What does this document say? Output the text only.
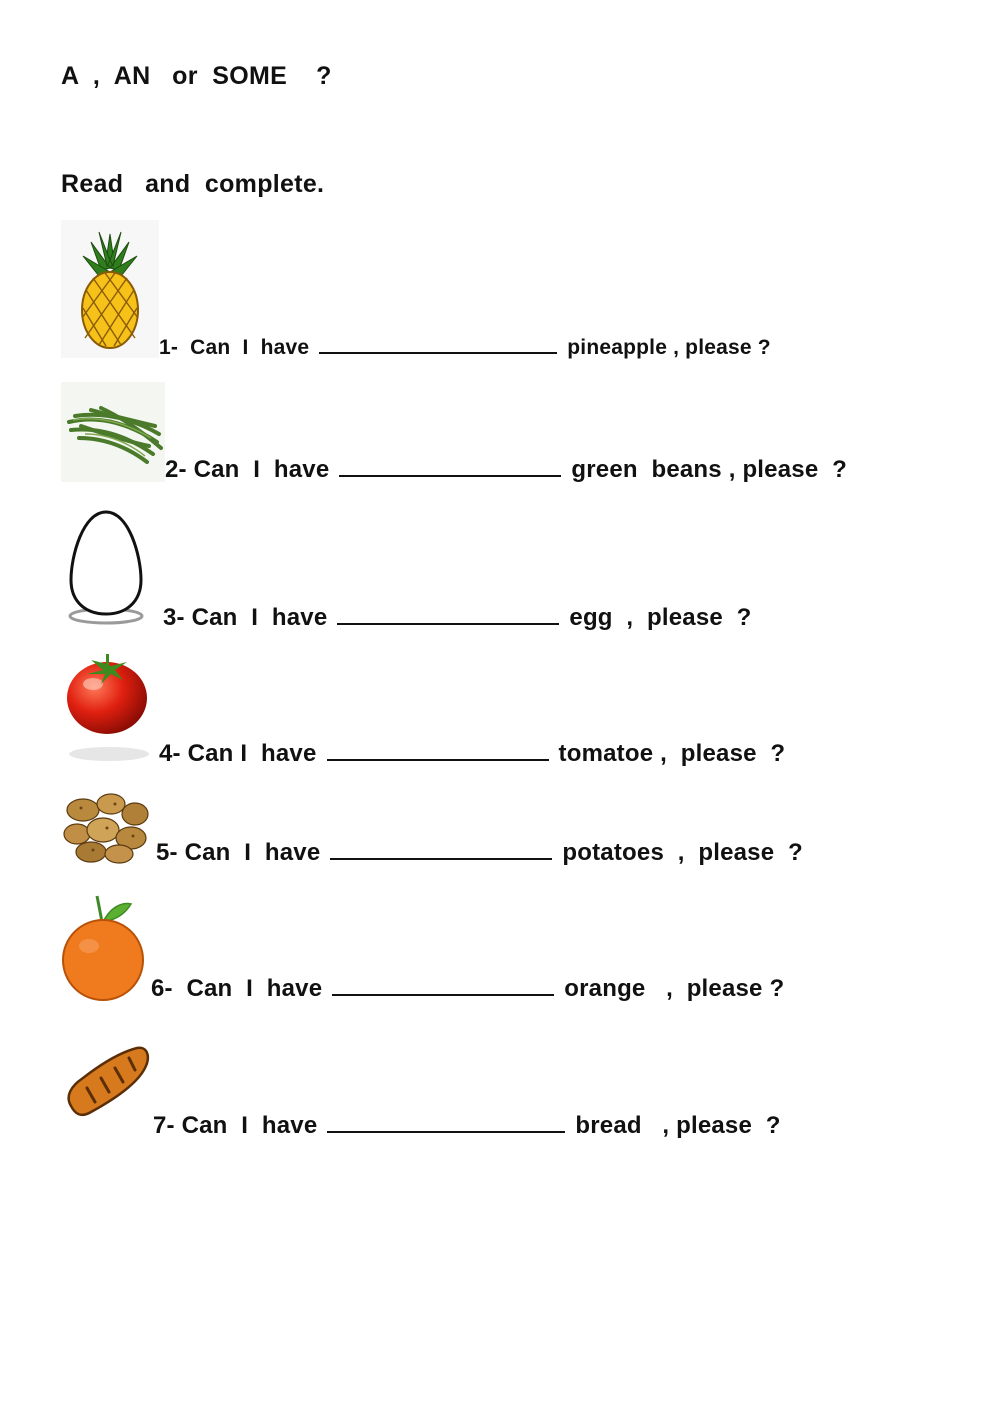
A  ,  AN   or  SOME    ?
Read   and  complete.

1-  Can  I  have	pineapple , please ?

2- Can  I  have	green  beans , please  ?

3- Can  I  have	egg  ,  please  ?

4- Can I  have	tomatoe ,  please  ?

5- Can  I  have	potatoes  ,  please  ?

6-  Can  I  have	orange   ,  please ?

7- Can  I  have	bread   , please  ?
